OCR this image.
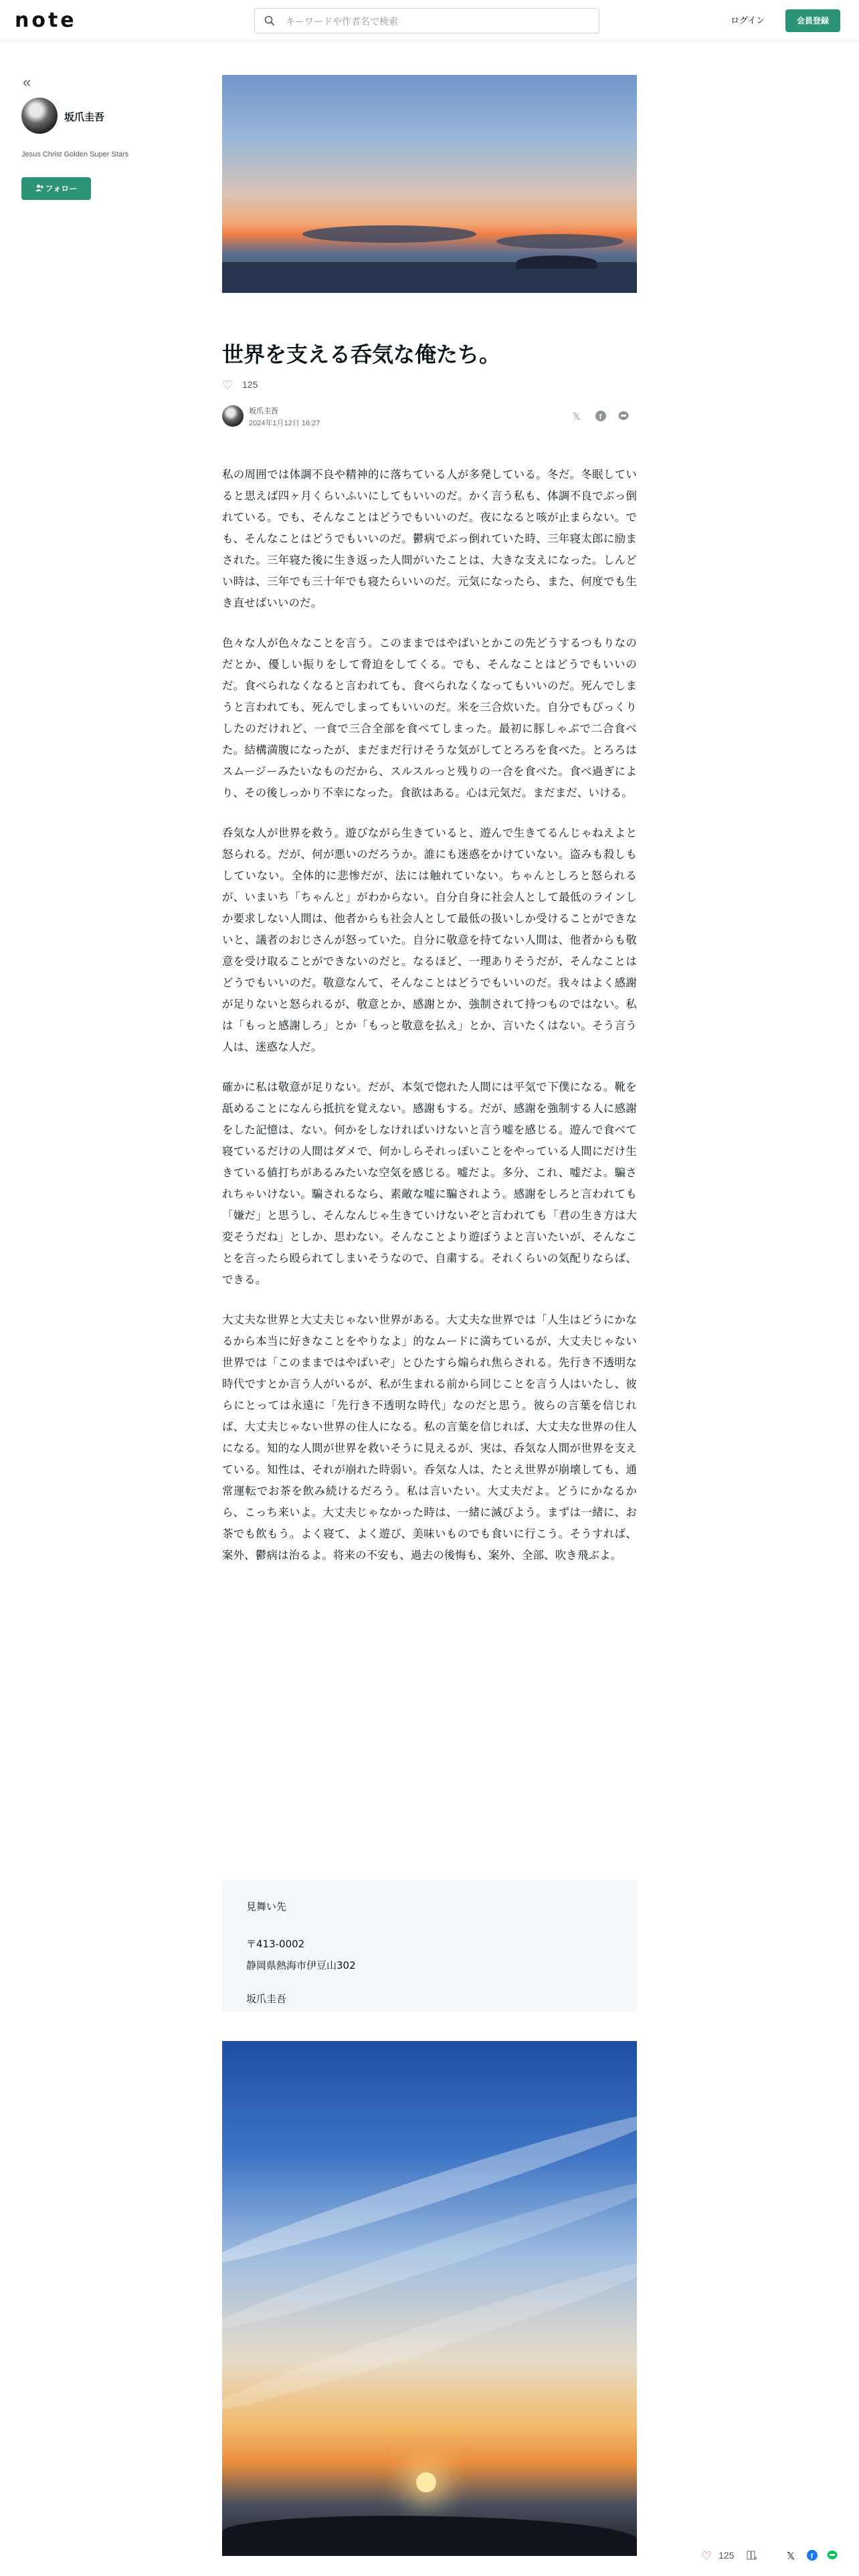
note
キーワードや作者名で検索	ログイン	会員登録
«
坂爪圭吾
Jesus Christ Golden Super Stars
フォロー
世界を支える呑気な俺たち。
♡ 125
坂爪圭吾
2024年1月12日 16:27
𝕏	f

私の周囲では体調不良や精神的に落ちている人が多発している。冬だ。冬眠していると思えば四ヶ月くらいふいにしてもいいのだ。かく言う私も、体調不良でぶっ倒れている。でも、そんなことはどうでもいいのだ。夜になると咳が止まらない。でも、そんなことはどうでもいいのだ。鬱病でぶっ倒れていた時、三年寝太郎に励まされた。三年寝た後に生き返った人間がいたことは、大きな支えになった。しんどい時は、三年でも三十年でも寝たらいいのだ。元気になったら、また、何度でも生き直せばいいのだ。

色々な人が色々なことを言う。このままではやばいとかこの先どうするつもりなのだとか、優しい振りをして脅迫をしてくる。でも、そんなことはどうでもいいのだ。食べられなくなると言われても、食べられなくなってもいいのだ。死んでしまうと言われても、死んでしまってもいいのだ。米を三合炊いた。自分でもびっくりしたのだけれど、一食で三合全部を食べてしまった。最初に豚しゃぶで二合食べた。結構満腹になったが、まだまだ行けそうな気がしてとろろを食べた。とろろはスムージーみたいなものだから、スルスルっと残りの一合を食べた。食べ過ぎにより、その後しっかり不幸になった。食欲はある。心は元気だ。まだまだ、いける。

呑気な人が世界を救う。遊びながら生きていると、遊んで生きてるんじゃねえよと怒られる。だが、何が悪いのだろうか。誰にも迷惑をかけていない。盗みも殺しもしていない。全体的に悲惨だが、法には触れていない。ちゃんとしろと怒られるが、いまいち「ちゃんと」がわからない。自分自身に社会人として最低のラインしか要求しない人間は、他者からも社会人として最低の扱いしか受けることができないと、議者のおじさんが怒っていた。自分に敬意を持てない人間は、他者からも敬意を受け取ることができないのだと。なるほど、一理ありそうだが、そんなことはどうでもいいのだ。敬意なんて、そんなことはどうでもいいのだ。我々はよく感謝が足りないと怒られるが、敬意とか、感謝とか、強制されて持つものではない。私は「もっと感謝しろ」とか「もっと敬意を払え」とか、言いたくはない。そう言う人は、迷惑な人だ。

確かに私は敬意が足りない。だが、本気で惚れた人間には平気で下僕になる。靴を舐めることになんら抵抗を覚えない。感謝もする。だが、感謝を強制する人に感謝をした記憶は、ない。何かをしなければいけないと言う嘘を感じる。遊んで食べて寝ているだけの人間はダメで、何かしらそれっぽいことをやっている人間にだけ生きている値打ちがあるみたいな空気を感じる。嘘だよ。多分、これ、嘘だよ。騙されちゃいけない。騙されるなら、素敵な嘘に騙されよう。感謝をしろと言われても「嫌だ」と思うし、そんなんじゃ生きていけないぞと言われても「君の生き方は大変そうだね」としか、思わない。そんなことより遊ぼうよと言いたいが、そんなことを言ったら殴られてしまいそうなので、自粛する。それくらいの気配りならば、できる。

大丈夫な世界と大丈夫じゃない世界がある。大丈夫な世界では「人生はどうにかなるから本当に好きなことをやりなよ」的なムードに満ちているが、大丈夫じゃない世界では「このままではやばいぞ」とひたすら煽られ焦らされる。先行き不透明な時代ですとか言う人がいるが、私が生まれる前から同じことを言う人はいたし、彼らにとっては永遠に「先行き不透明な時代」なのだと思う。彼らの言葉を信じれば、大丈夫じゃない世界の住人になる。私の言葉を信じれば、大丈夫な世界の住人になる。知的な人間が世界を救いそうに見えるが、実は、呑気な人間が世界を支えている。知性は、それが崩れた時弱い。呑気な人は、たとえ世界が崩壊しても、通常運転でお茶を飲み続けるだろう。私は言いたい。大丈夫だよ。どうにかなるから、こっち来いよ。大丈夫じゃなかった時は、一緒に滅びよう。まずは一緒に、お茶でも飲もう。よく寝て、よく遊び、美味いものでも食いに行こう。そうすれば、案外、鬱病は治るよ。将来の不安も、過去の後悔も、案外、全部、吹き飛ぶよ。

見舞い先
〒413-0002
静岡県熱海市伊豆山302
坂爪圭吾
♡ 125	𝕏 f
